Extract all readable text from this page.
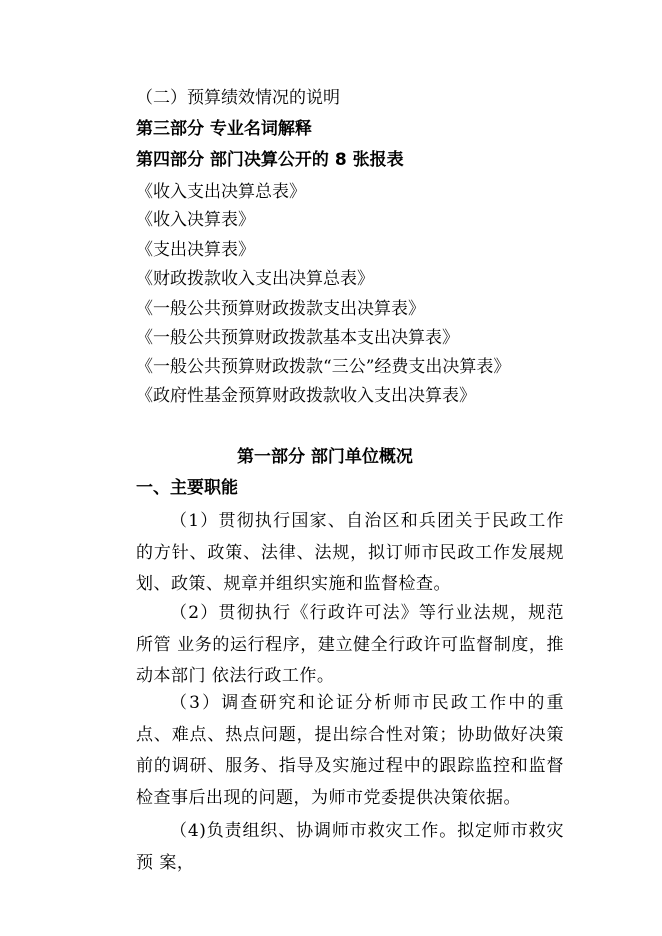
（二）预算绩效情况的说明
第三部分 专业名词解释
第四部分 部门决算公开的 8 张报表
《收入支出决算总表》
《收入决算表》
《支出决算表》
《财政拨款收入支出决算总表》
《一般公共预算财政拨款支出决算表》
《一般公共预算财政拨款基本支出决算表》
《一般公共预算财政拨款“三公”经费支出决算表》
《政府性基金预算财政拨款收入支出决算表》
第一部分 部门单位概况
一、主要职能
（1）贯彻执行国家、自治区和兵团关于民政工作的方针、政策、法律、法规，拟订师市民政工作发展规划、政策、规章并组织实施和监督检查。
（2）贯彻执行《行政许可法》等行业法规，规范所管 业务的运行程序，建立健全行政许可监督制度，推动本部门 依法行政工作。
（3）调查研究和论证分析师市民政工作中的重点、难点、热点问题，提出综合性对策；协助做好决策前的调研、服务、指导及实施过程中的跟踪监控和监督检查事后出现的问题，为师市党委提供决策依据。
（4)负责组织、协调师市救灾工作。拟定师市救灾预 案，
